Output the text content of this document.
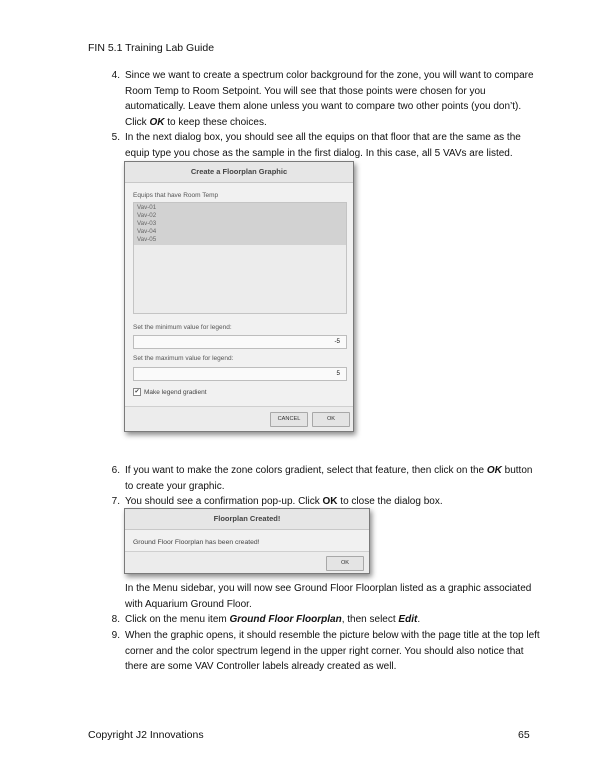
FIN 5.1 Training Lab Guide
4. Since we want to create a spectrum color background for the zone, you will want to compare Room Temp to Room Setpoint. You will see that those points were chosen for you automatically. Leave them alone unless you want to compare two other points (you don’t). Click OK to keep these choices.
5. In the next dialog box, you should see all the equips on that floor that are the same as the equip type you chose as the sample in the first dialog. In this case, all 5 VAVs are listed.
Create a Floorplan Graphic
Equips that have Room Temp
Vav-01
Vav-02
Vav-03
Vav-04
Vav-05
Set the minimum value for legend:
-5
Set the maximum value for legend:
5
✔ Make legend gradient
CANCEL	OK
6. If you want to make the zone colors gradient, select that feature, then click on the OK button to create your graphic.
7. You should see a confirmation pop-up. Click OK to close the dialog box.
Floorplan Created!
Ground Floor Floorplan has been created!
OK
In the Menu sidebar, you will now see Ground Floor Floorplan listed as a graphic associated with Aquarium Ground Floor.
8. Click on the menu item Ground Floor Floorplan, then select Edit.
9. When the graphic opens, it should resemble the picture below with the page title at the top left corner and the color spectrum legend in the upper right corner. You should also notice that there are some VAV Controller labels already created as well.
Copyright J2 Innovations	65
